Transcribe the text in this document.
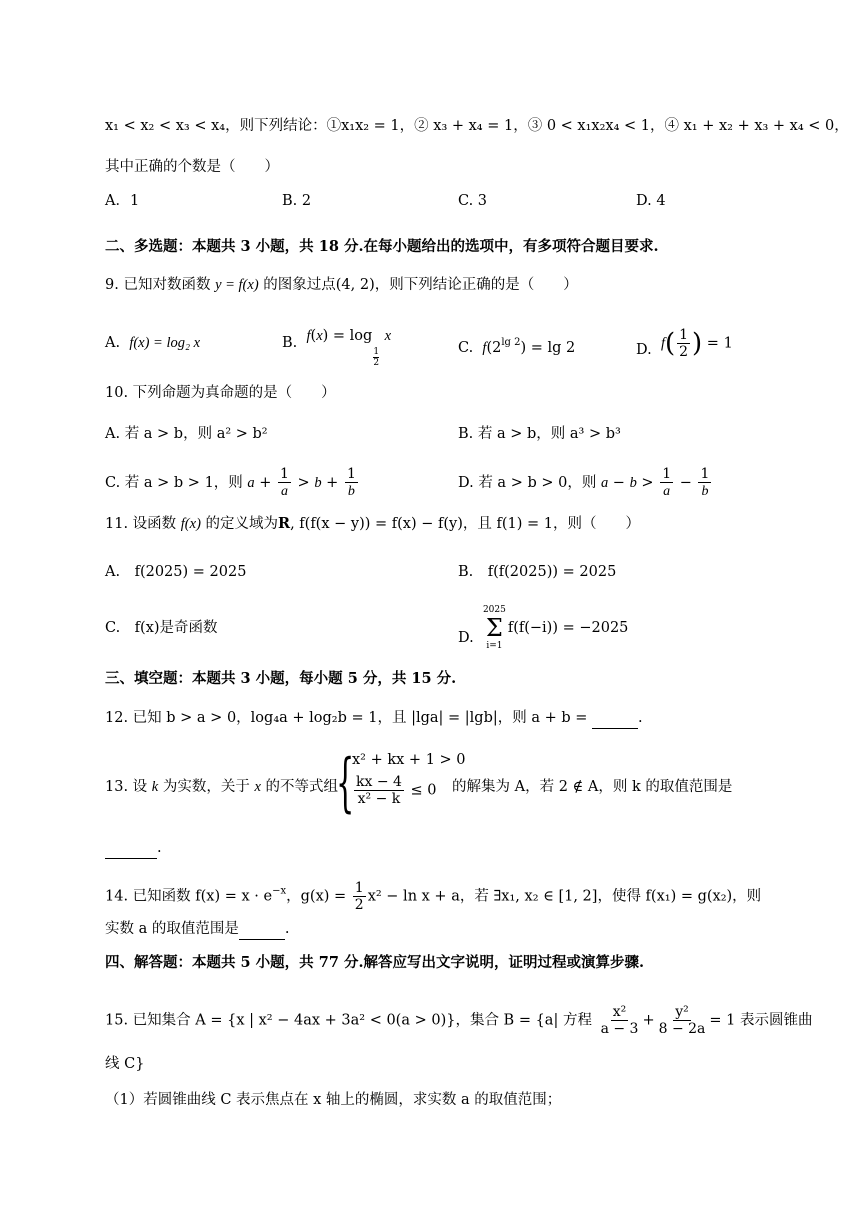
x₁ < x₂ < x₃ < x₄，则下列结论：①x₁x₂ = 1，② x₃ + x₄ = 1，③ 0 < x₁x₂x₄ < 1，④ x₁ + x₂ + x₃ + x₄ < 0，
其中正确的个数是（　　）
A．1	B. 2	C. 3	D. 4
二、多选题：本题共 3 小题，共 18 分.在每小题给出的选项中，有多项符合题目要求.
9. 已知对数函数 y = f(x) 的图象过点(4, 2)，则下列结论正确的是（　　）
A. f(x) = log₂ x	B. f(x) = log
$\frac{1}{2}$
x
C. $f(2^{lg 2}) = \lg 2$	D. $f( \frac{1}{2}$ ) = 1
10. 下列命题为真命题的是（　　）
A. 若 a > b，则 a² > b²	B. 若 a > b，则 a³ > b³
C. 若 a > b > 1，则 $a + \frac{1}{a} > b + \frac{1}{b}$	D. 若 a > b > 0，则 $a - b > \frac{1}{a} - \frac{1}{b}$
11. 设函数 f(x) 的定义域为R, f(f(x − y)) = f(x) − f(y)，且 f(1) = 1，则（　　）
A.　f(2025) = 2025	B.　f(f(2025)) = 2025
C.　f(x)是奇函数
D.
2025
Σ
i=1
f(f(−i)) = −2025
三、填空题：本题共 3 小题，每小题 5 分，共 15 分.
12. 已知 b > a > 0，log₄a + log₂b = 1，且 |lga| = |lgb|，则 a + b =	.
13. 设 k 为实数，关于 x 的不等式组
{
x² + kx + 1 > 0
$\frac{kx - 4}{\text{x² − k}} \le 0$ 的解集为 A，若 2 ∉ A，则 k 的取值范围是
.
14. 已知函数 $f(x) = x \cdot e^{-x}$，$g(x) = \frac{1}{2} x^2 - \ln x + a$，若 ∃x₁, x₂ ∈ [1, 2]，使得 f(x₁) = g(x₂)，则
实数 a 的取值范围是	.
四、解答题：本题共 5 小题，共 77 分.解答应写出文字说明，证明过程或演算步骤.
15. 已知集合 A = {x | x² − 4ax + 3a² < 0(a > 0)}，集合 B = {a| 方程 $\frac{\text{x²}}{a - 3} + \frac{\text{y²}}{8 - 2a} = 1$ 表示圆锥曲
线 C}
（1）若圆锥曲线 C 表示焦点在 x 轴上的椭圆，求实数 a 的取值范围；
